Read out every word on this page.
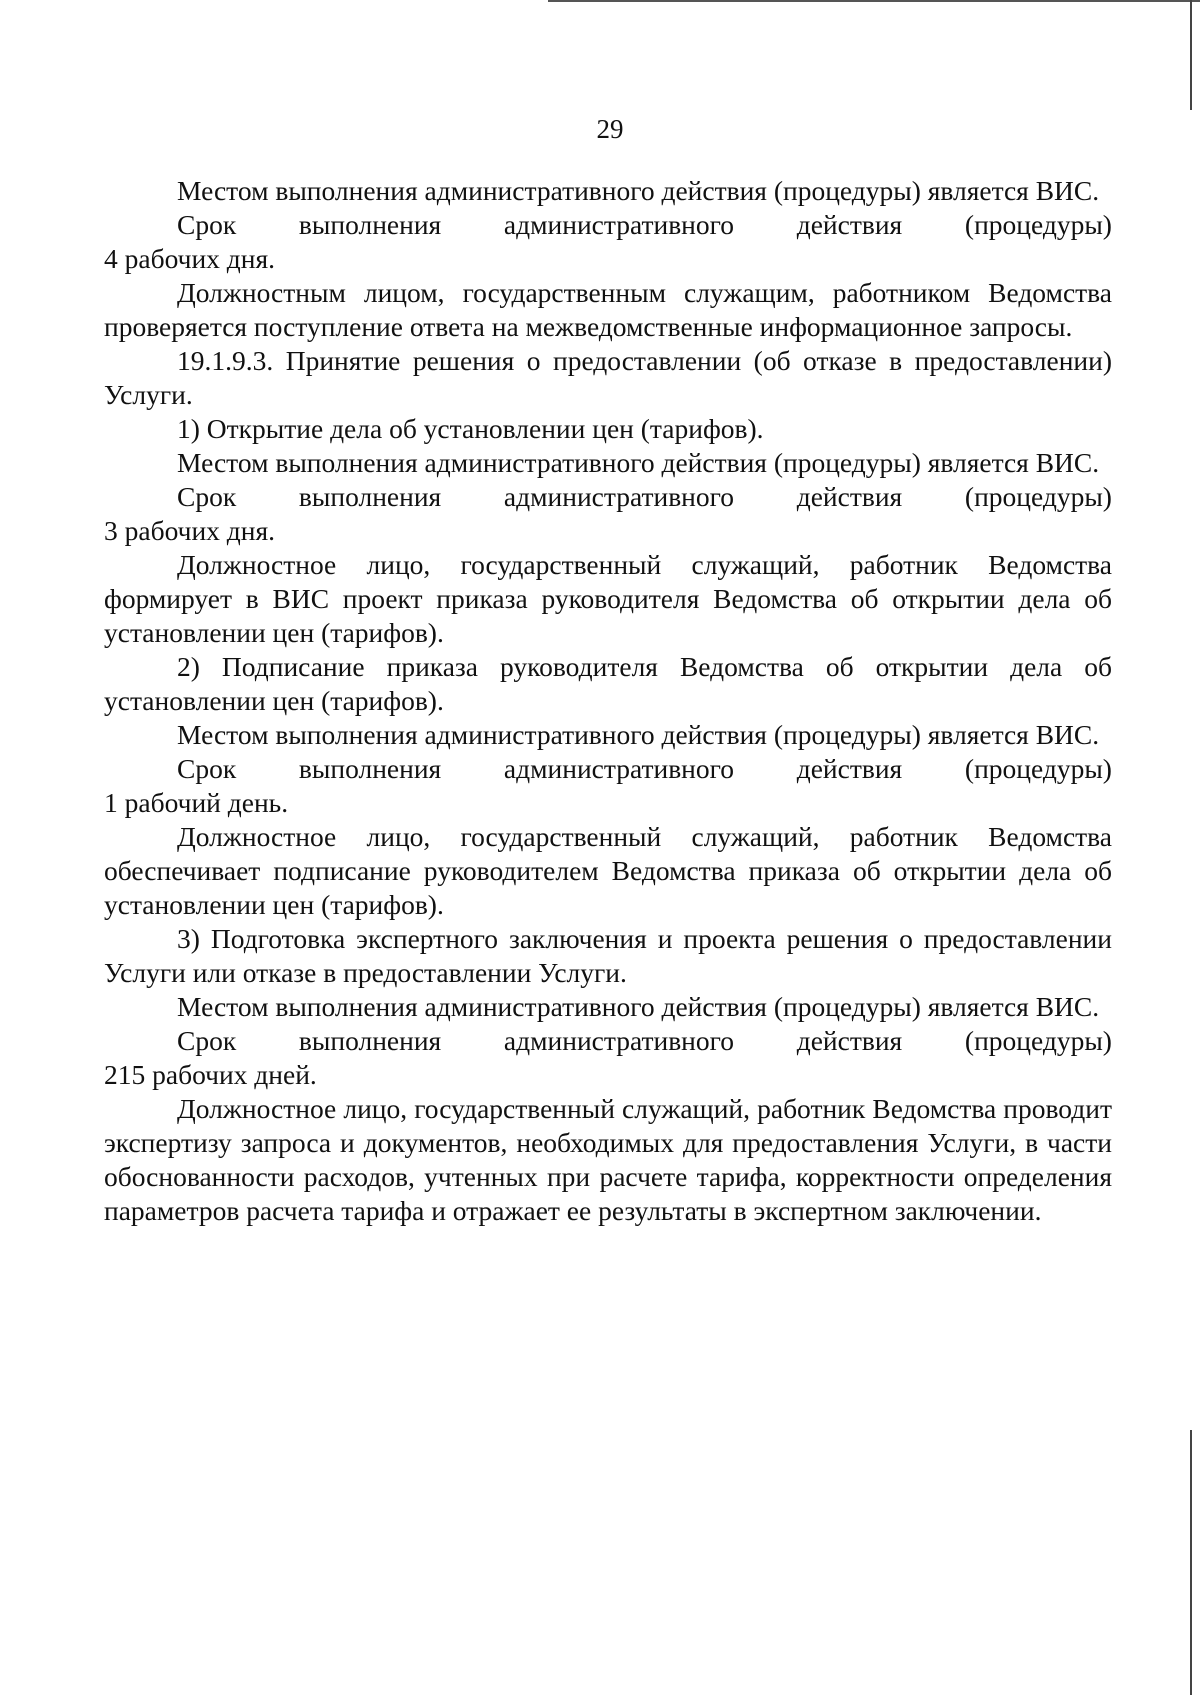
29

Местом выполнения административного действия (процедуры) является ВИС.

Срок выполнения административного действия (процедуры)
4 рабочих дня.

Должностным лицом, государственным служащим, работником Ведомства проверяется поступление ответа на межведомственные информационное запросы.

19.1.9.3. Принятие решения о предоставлении (об отказе в предоставлении) Услуги.

1) Открытие дела об установлении цен (тарифов).

Местом выполнения административного действия (процедуры) является ВИС.

Срок выполнения административного действия (процедуры)
3 рабочих дня.

Должностное лицо, государственный служащий, работник Ведомства формирует в ВИС проект приказа руководителя Ведомства об открытии дела об установлении цен (тарифов).

2) Подписание приказа руководителя Ведомства об открытии дела об установлении цен (тарифов).

Местом выполнения административного действия (процедуры) является ВИС.

Срок выполнения административного действия (процедуры)
1 рабочий день.

Должностное лицо, государственный служащий, работник Ведомства обеспечивает подписание руководителем Ведомства приказа об открытии дела об установлении цен (тарифов).

3) Подготовка экспертного заключения и проекта решения о предоставлении Услуги или отказе в предоставлении Услуги.

Местом выполнения административного действия (процедуры) является ВИС.

Срок выполнения административного действия (процедуры)
215 рабочих дней.

Должностное лицо, государственный служащий, работник Ведомства проводит экспертизу запроса и документов, необходимых для предоставления Услуги, в части обоснованности расходов, учтенных при расчете тарифа, корректности определения параметров расчета тарифа и отражает ее результаты в экспертном заключении.
